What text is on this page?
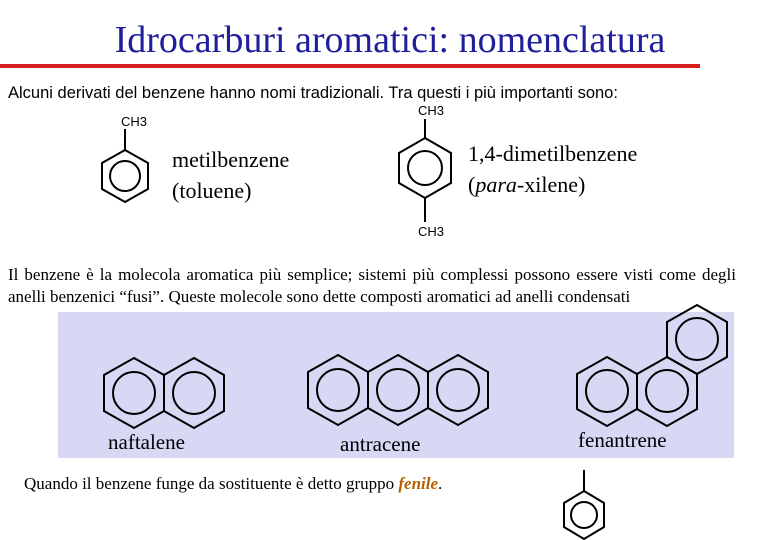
Idrocarburi aromatici: nomenclatura
Alcuni derivati del benzene hanno nomi tradizionali. Tra questi i più importanti sono:
CH3
metilbenzene
(toluene)
CH3
CH3
1,4-dimetilbenzene
(para-xilene)
Il benzene è la molecola aromatica più semplice; sistemi più complessi possono essere visti come degli anelli benzenici “fusi”. Queste molecole sono dette composti aromatici ad anelli condensati
naftalene	antracene	fenantrene
Quando il benzene funge da sostituente è detto gruppo fenile.
